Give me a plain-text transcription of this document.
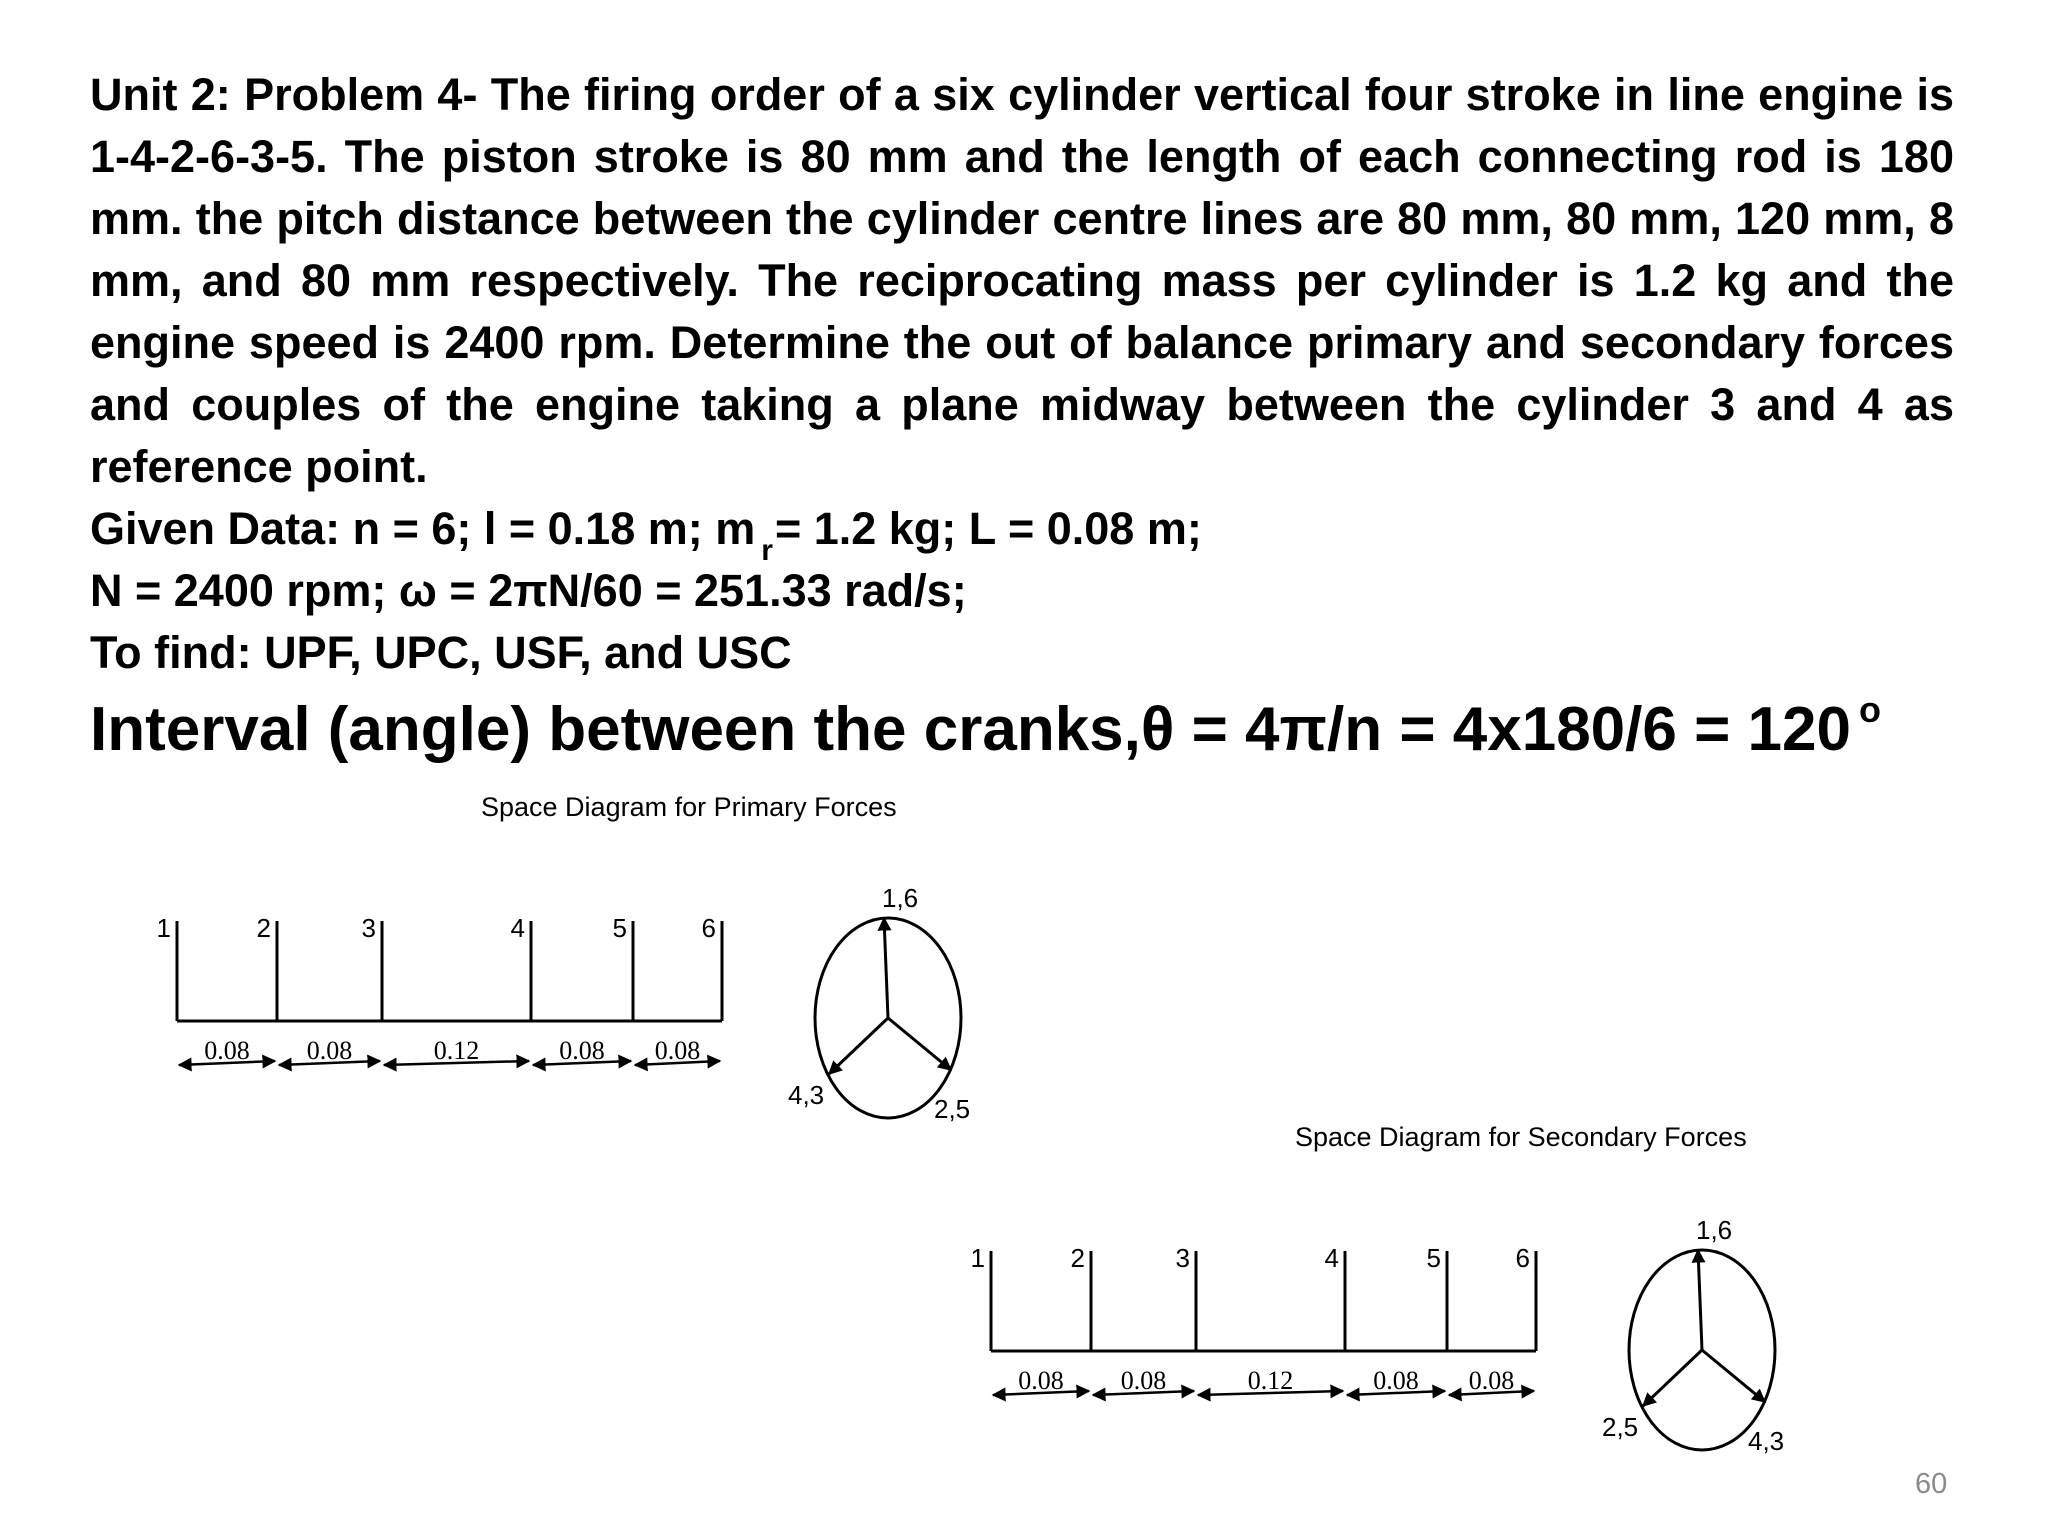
Unit 2: Problem 4- The firing order of a six cylinder vertical four stroke in line engine is 1-4-2-6-3-5. The piston stroke is 80 mm and the length of each connecting rod is 180 mm. the pitch distance between the cylinder centre lines are 80 mm, 80 mm, 120 mm, 8 mm, and 80 mm respectively. The reciprocating mass per cylinder is 1.2 kg and the engine speed is 2400 rpm. Determine the out of balance primary and secondary forces and couples of the engine taking a plane midway between the cylinder 3 and 4 as reference point.

Given Data: n = 6; l = 0.18 m; m $_r$= 1.2 kg; L = 0.08 m;
N = 2400 rpm; ω = 2πN/60 = 251.33 rad/s;
To find: UPF, UPC, USF, and USC
Interval (angle) between the cranks,θ = 4π/n = 4x180/6 = 120 $^o$
Space Diagram for Primary Forces
Space Diagram for Secondary Forces
1	2	3	4	5	6
0.08 0.08	0.12	0.08 0.08
1,6
4,3	2,5
1	2	3	4	5	6
0.08 0.08	0.12	0.08 0.08
1,6
2,5	4,3
60
